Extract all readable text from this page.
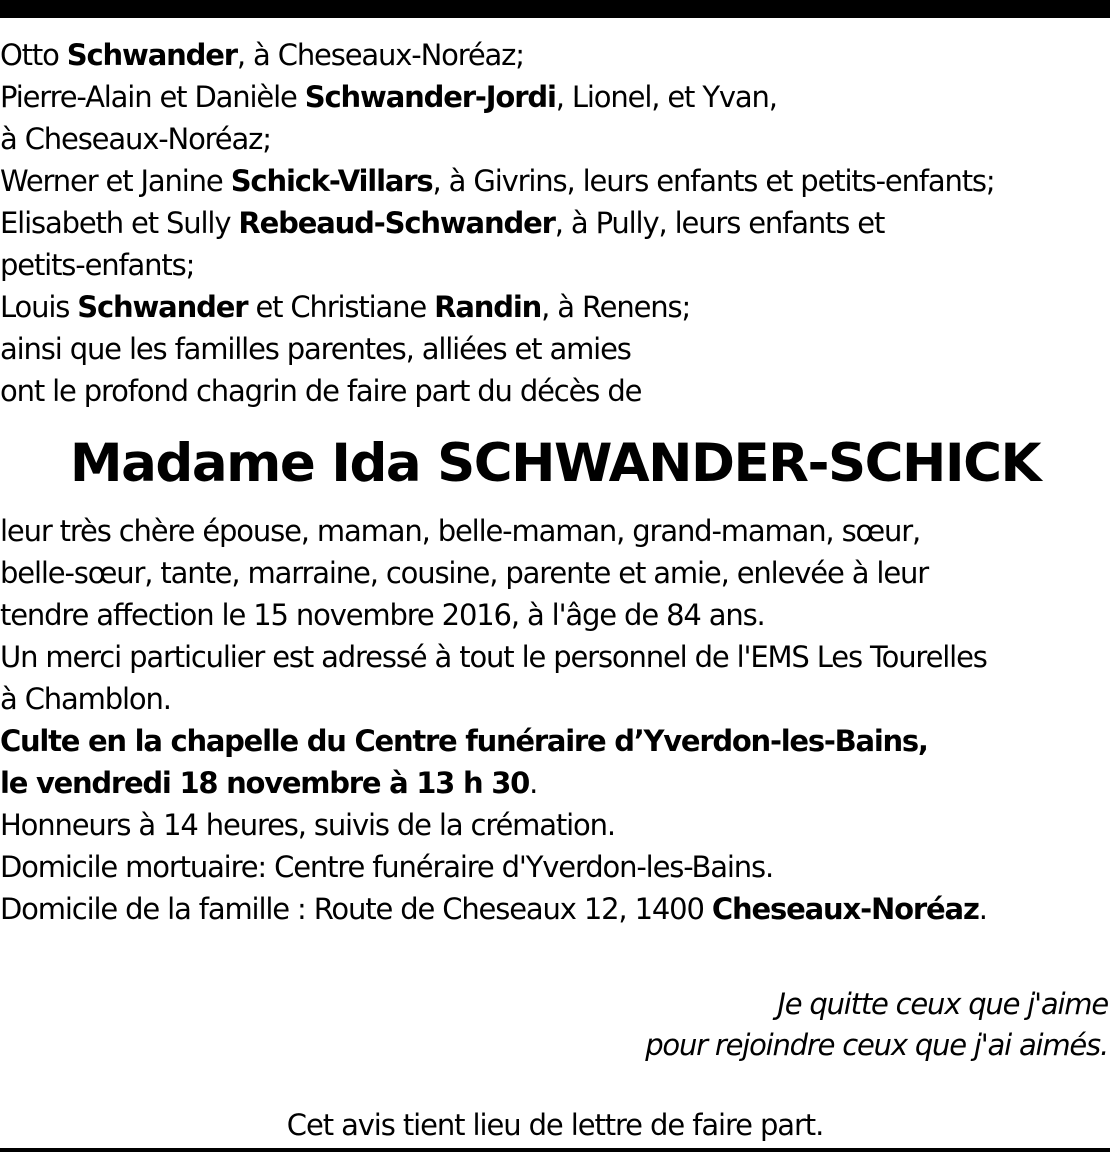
Otto Schwander, à Cheseaux-Noréaz;
Pierre-Alain et Danièle Schwander-Jordi, Lionel, et Yvan,
à Cheseaux-Noréaz;
Werner et Janine Schick-Villars, à Givrins, leurs enfants et petits-enfants;
Elisabeth et Sully Rebeaud-Schwander, à Pully, leurs enfants et
petits-enfants;
Louis Schwander et Christiane Randin, à Renens;
ainsi que les familles parentes, alliées et amies
ont le profond chagrin de faire part du décès de
Madame Ida SCHWANDER-SCHICK
leur très chère épouse, maman, belle-maman, grand-maman, sœur,
belle-sœur, tante, marraine, cousine, parente et amie, enlevée à leur
tendre affection le 15 novembre 2016, à l'âge de 84 ans.
Un merci particulier est adressé à tout le personnel de l'EMS Les Tourelles
à Chamblon.
Culte en la chapelle du Centre funéraire d’Yverdon-les-Bains,
le vendredi 18 novembre à 13 h 30.
Honneurs à 14 heures, suivis de la crémation.
Domicile mortuaire: Centre funéraire d'Yverdon-les-Bains.
Domicile de la famille : Route de Cheseaux 12, 1400 Cheseaux-Noréaz.
Je quitte ceux que j'aime
pour rejoindre ceux que j'ai aimés.
Cet avis tient lieu de lettre de faire part.
